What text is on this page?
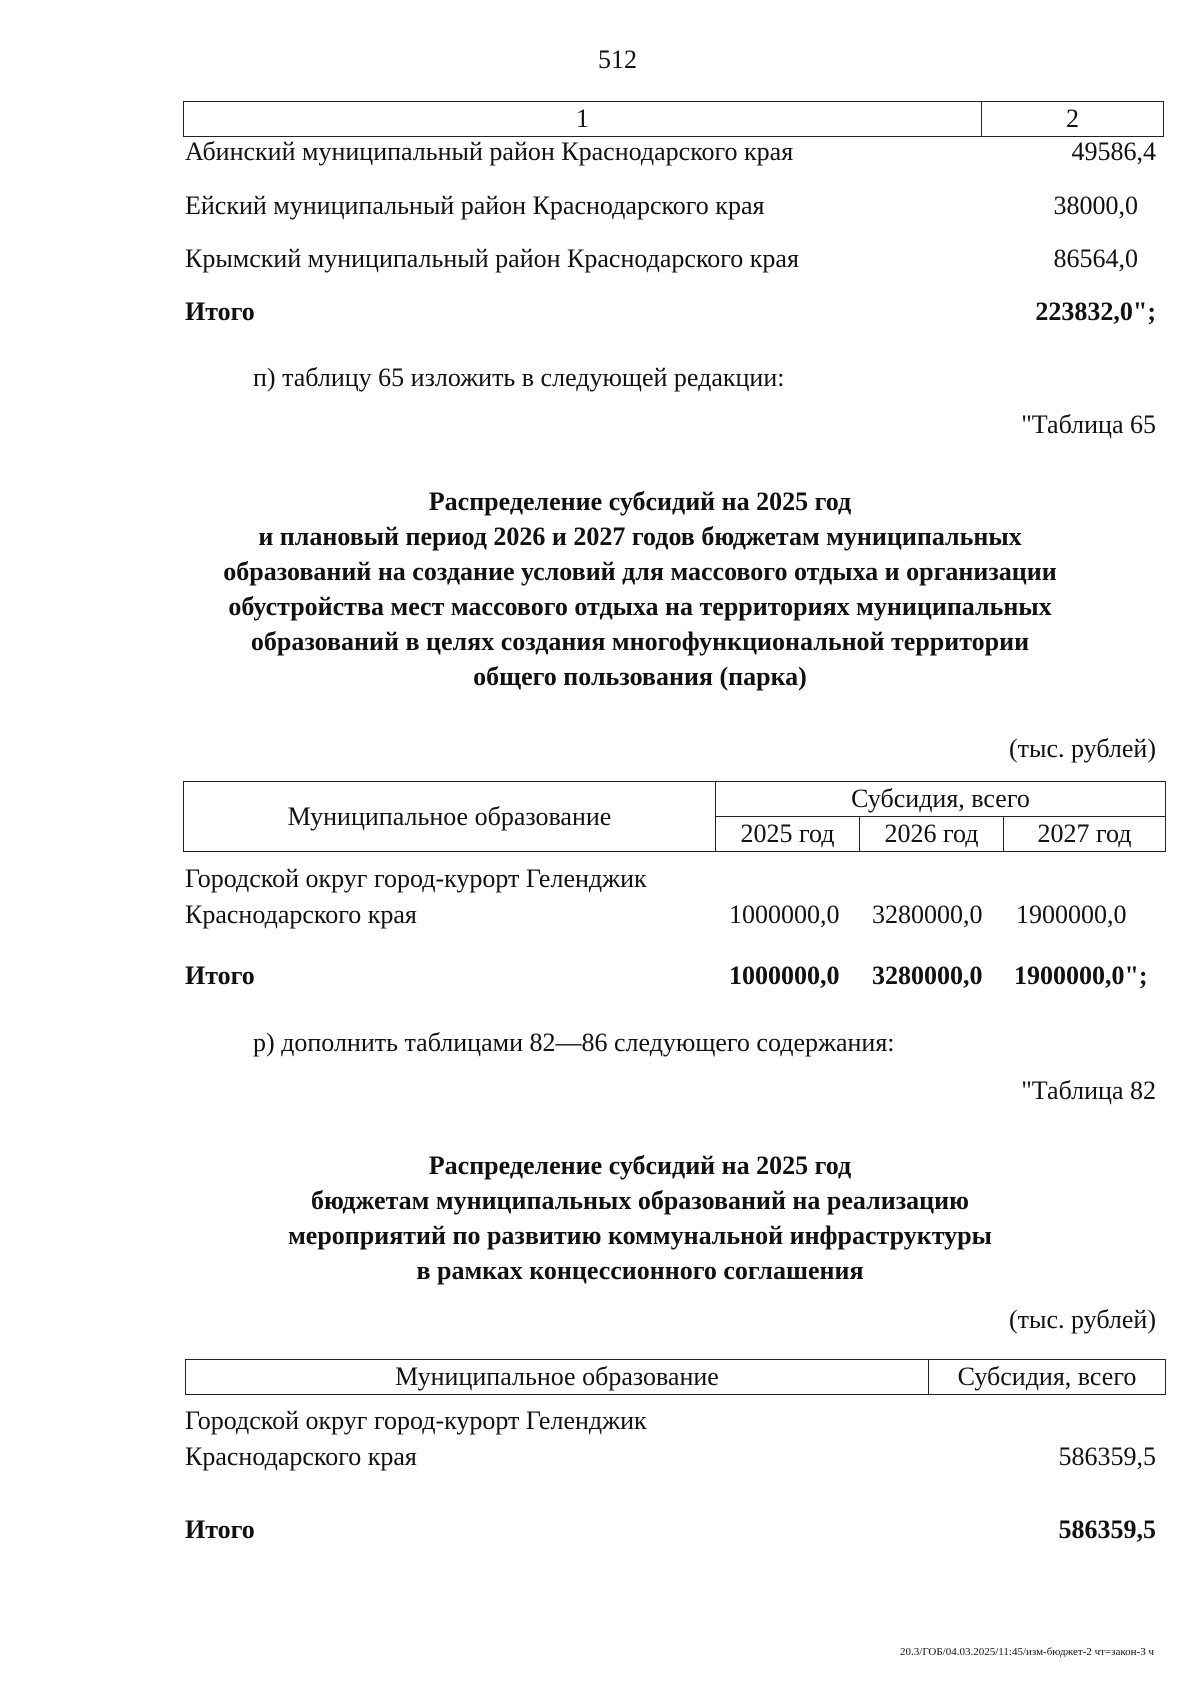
512
1	2
Абинский муниципальный район Краснодарского края	49586,4
Ейский муниципальный район Краснодарского края	38000,0
Крымский муниципальный район Краснодарского края	86564,0
Итого	223832,0";
п) таблицу 65 изложить в следующей редакции:
"Таблица 65
Распределение субсидий на 2025 год
и плановый период 2026 и 2027 годов бюджетам муниципальных
образований на создание условий для массового отдыха и организации
обустройства мест массового отдыха на территориях муниципальных
образований в целях создания многофункциональной территории
общего пользования (парка)
(тыс. рублей)
Муниципальное образование	Субсидия, всего		
	2025 год	2026 год	2027 год
Городской округ город-курорт Геленджик
Краснодарского края	1000000,0 3280000,0 1900000,0
Итого	1000000,0 3280000,0 1900000,0";
р) дополнить таблицами 82—86 следующего содержания:
"Таблица 82
Распределение субсидий на 2025 год
бюджетам муниципальных образований на реализацию
мероприятий по развитию коммунальной инфраструктуры
в рамках концессионного соглашения
(тыс. рублей)
Муниципальное образование	Субсидия, всего
Городской округ город-курорт Геленджик
Краснодарского края	586359,5
Итого	586359,5
20.3/ГОБ/04.03.2025/11:45/изм-бюджет-2 чт=закон-3 ч
